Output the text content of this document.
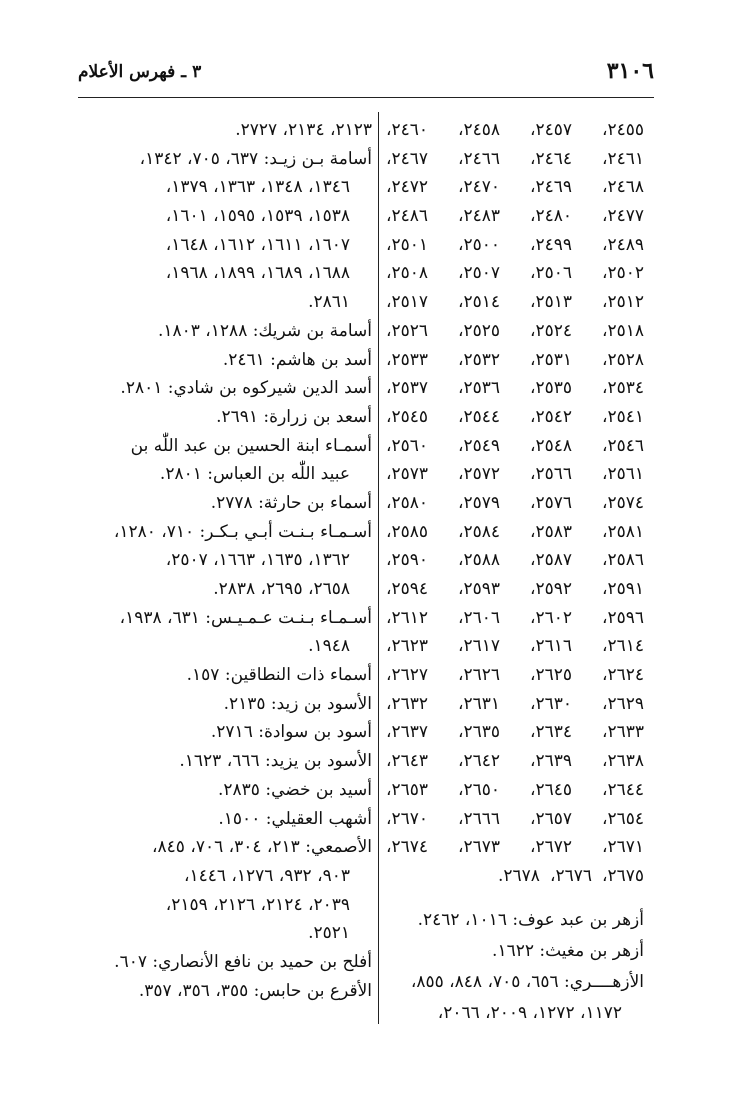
٣١٠٦
٣ ـ فهرس الأعلام
٢٤٥٥،
٢٤٥٧،
٢٤٥٨،
٢٤٦٠،
٢٤٦١،
٢٤٦٤،
٢٤٦٦،
٢٤٦٧،
٢٤٦٨،
٢٤٦٩،
٢٤٧٠،
٢٤٧٢،
٢٤٧٧،
٢٤٨٠،
٢٤٨٣،
٢٤٨٦،
٢٤٨٩،
٢٤٩٩،
٢٥٠٠،
٢٥٠١،
٢٥٠٢،
٢٥٠٦،
٢٥٠٧،
٢٥٠٨،
٢٥١٢،
٢٥١٣،
٢٥١٤،
٢٥١٧،
٢٥١٨،
٢٥٢٤،
٢٥٢٥،
٢٥٢٦،
٢٥٢٨،
٢٥٣١،
٢٥٣٢،
٢٥٣٣،
٢٥٣٤،
٢٥٣٥،
٢٥٣٦،
٢٥٣٧،
٢٥٤١،
٢٥٤٢،
٢٥٤٤،
٢٥٤٥،
٢٥٤٦،
٢٥٤٨،
٢٥٤٩،
٢٥٦٠،
٢٥٦١،
٢٥٦٦،
٢٥٧٢،
٢٥٧٣،
٢٥٧٤،
٢٥٧٦،
٢٥٧٩،
٢٥٨٠،
٢٥٨١،
٢٥٨٣،
٢٥٨٤،
٢٥٨٥،
٢٥٨٦،
٢٥٨٧،
٢٥٨٨،
٢٥٩٠،
٢٥٩١،
٢٥٩٢،
٢٥٩٣،
٢٥٩٤،
٢٥٩٦،
٢٦٠٢،
٢٦٠٦،
٢٦١٢،
٢٦١٤،
٢٦١٦،
٢٦١٧،
٢٦٢٣،
٢٦٢٤،
٢٦٢٥،
٢٦٢٦،
٢٦٢٧،
٢٦٢٩،
٢٦٣٠،
٢٦٣١،
٢٦٣٢،
٢٦٣٣،
٢٦٣٤،
٢٦٣٥،
٢٦٣٧،
٢٦٣٨،
٢٦٣٩،
٢٦٤٢،
٢٦٤٣،
٢٦٤٤،
٢٦٤٥،
٢٦٥٠،
٢٦٥٣،
٢٦٥٤،
٢٦٥٧،
٢٦٦٦،
٢٦٧٠،
٢٦٧١،
٢٦٧٢،
٢٦٧٣،
٢٦٧٤،
٢٦٧٥،
٢٦٧٦،
٢٦٧٨.
أزهر بن عبد عوف: ١٠١٦، ٢٤٦٢.
أزهر بن مغيث: ١٦٢٢.
الأزهــــري: ٦٥٦، ٧٠٥، ٨٤٨، ٨٥٥،
١١٧٢، ١٢٧٢، ٢٠٠٩، ٢٠٦٦،
٢١٢٣، ٢١٣٤، ٢٧٢٧.
أسامة بـن زيـد: ٦٣٧، ٧٠٥، ١٣٤٢،
١٣٤٦، ١٣٤٨، ١٣٦٣، ١٣٧٩،
١٥٣٨، ١٥٣٩، ١٥٩٥، ١٦٠١،
١٦٠٧، ١٦١١، ١٦١٢، ١٦٤٨،
١٦٨٨، ١٦٨٩، ١٨٩٩، ١٩٦٨،
٢٨٦١.
أسامة بن شريك: ١٢٨٨، ١٨٠٣.
أسد بن هاشم: ٢٤٦١.
أسد الدين شيركوه بن شادي: ٢٨٠١.
أسعد بن زرارة: ٢٦٩١.
أسمـاء ابنة الحسين بن عبد اللّٰه بن
عبيد اللّٰه بن العباس: ٢٨٠١.
أسماء بن حارثة: ٢٧٧٨.
أسـمـاء بـنـت أبـي بـكـر: ٧١٠، ١٢٨٠،
١٣٦٢، ١٦٣٥، ١٦٦٣، ٢٥٠٧،
٢٦٥٨، ٢٦٩٥، ٢٨٣٨.
أسـمـاء بـنـت عـمـيـس: ٦٣١، ١٩٣٨،
١٩٤٨.
أسماء ذات النطاقين: ١٥٧.
الأسود بن زيد: ٢١٣٥.
أسود بن سوادة: ٢٧١٦.
الأسود بن يزيد: ٦٦٦، ١٦٢٣.
أسيد بن خضي: ٢٨٣٥.
أشهب العقيلي: ١٥٠٠.
الأصمعي: ٢١٣، ٣٠٤، ٧٠٦، ٨٤٥،
٩٠٣، ٩٣٢، ١٢٧٦، ١٤٤٦،
٢٠٣٩، ٢١٢٤، ٢١٢٦، ٢١٥٩،
٢٥٢١.
أفلح بن حميد بن نافع الأنصاري: ٦٠٧.
الأقرع بن حابس: ٣٥٥، ٣٥٦، ٣٥٧.
